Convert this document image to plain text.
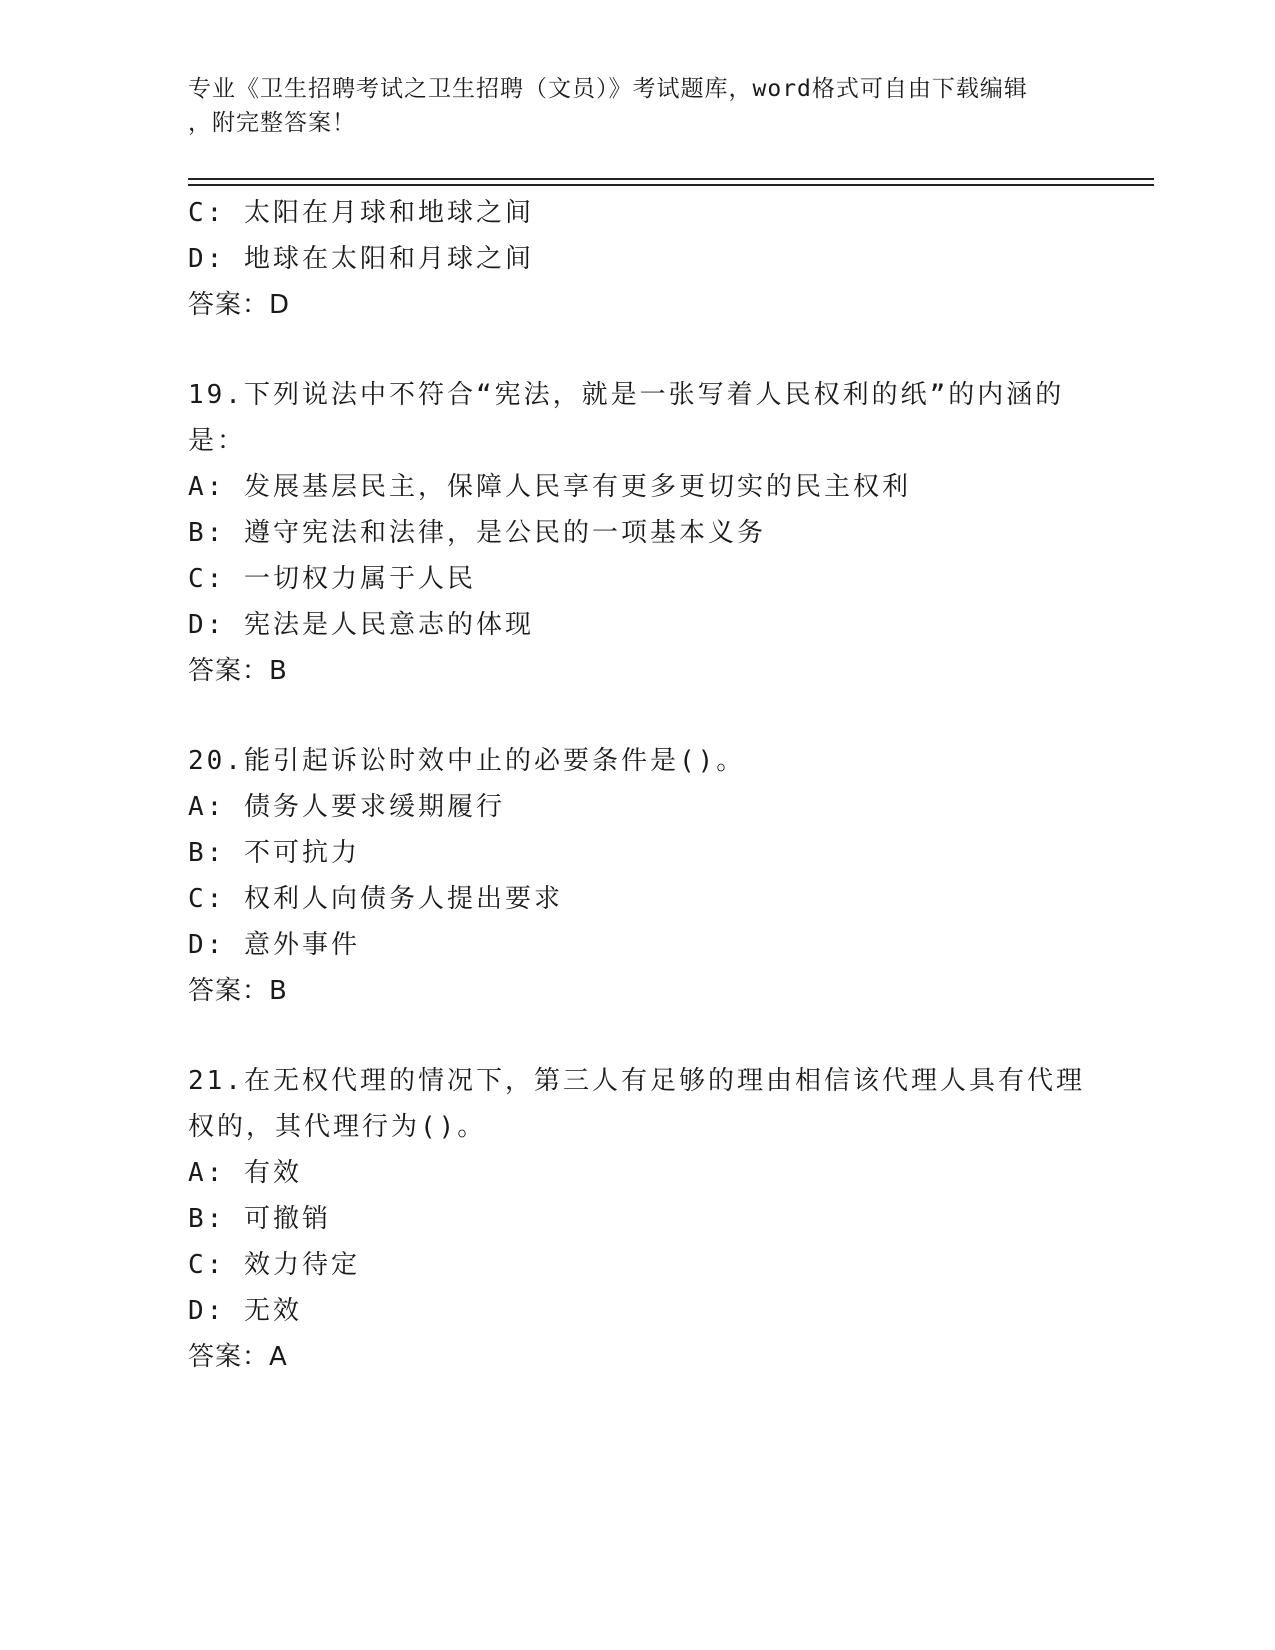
专业《卫生招聘考试之卫生招聘（文员）》考试题库，word格式可自由下载编辑
，附完整答案！
C: 太阳在月球和地球之间
D: 地球在太阳和月球之间
答案：D
19.下列说法中不符合“宪法，就是一张写着人民权利的纸”的内涵的
是：
A: 发展基层民主，保障人民享有更多更切实的民主权利
B: 遵守宪法和法律，是公民的一项基本义务
C: 一切权力属于人民
D: 宪法是人民意志的体现
答案：B
20.能引起诉讼时效中止的必要条件是()。
A: 债务人要求缓期履行
B: 不可抗力
C: 权利人向债务人提出要求
D: 意外事件
答案：B
21.在无权代理的情况下，第三人有足够的理由相信该代理人具有代理
权的，其代理行为()。
A: 有效
B: 可撤销
C: 效力待定
D: 无效
答案：A
